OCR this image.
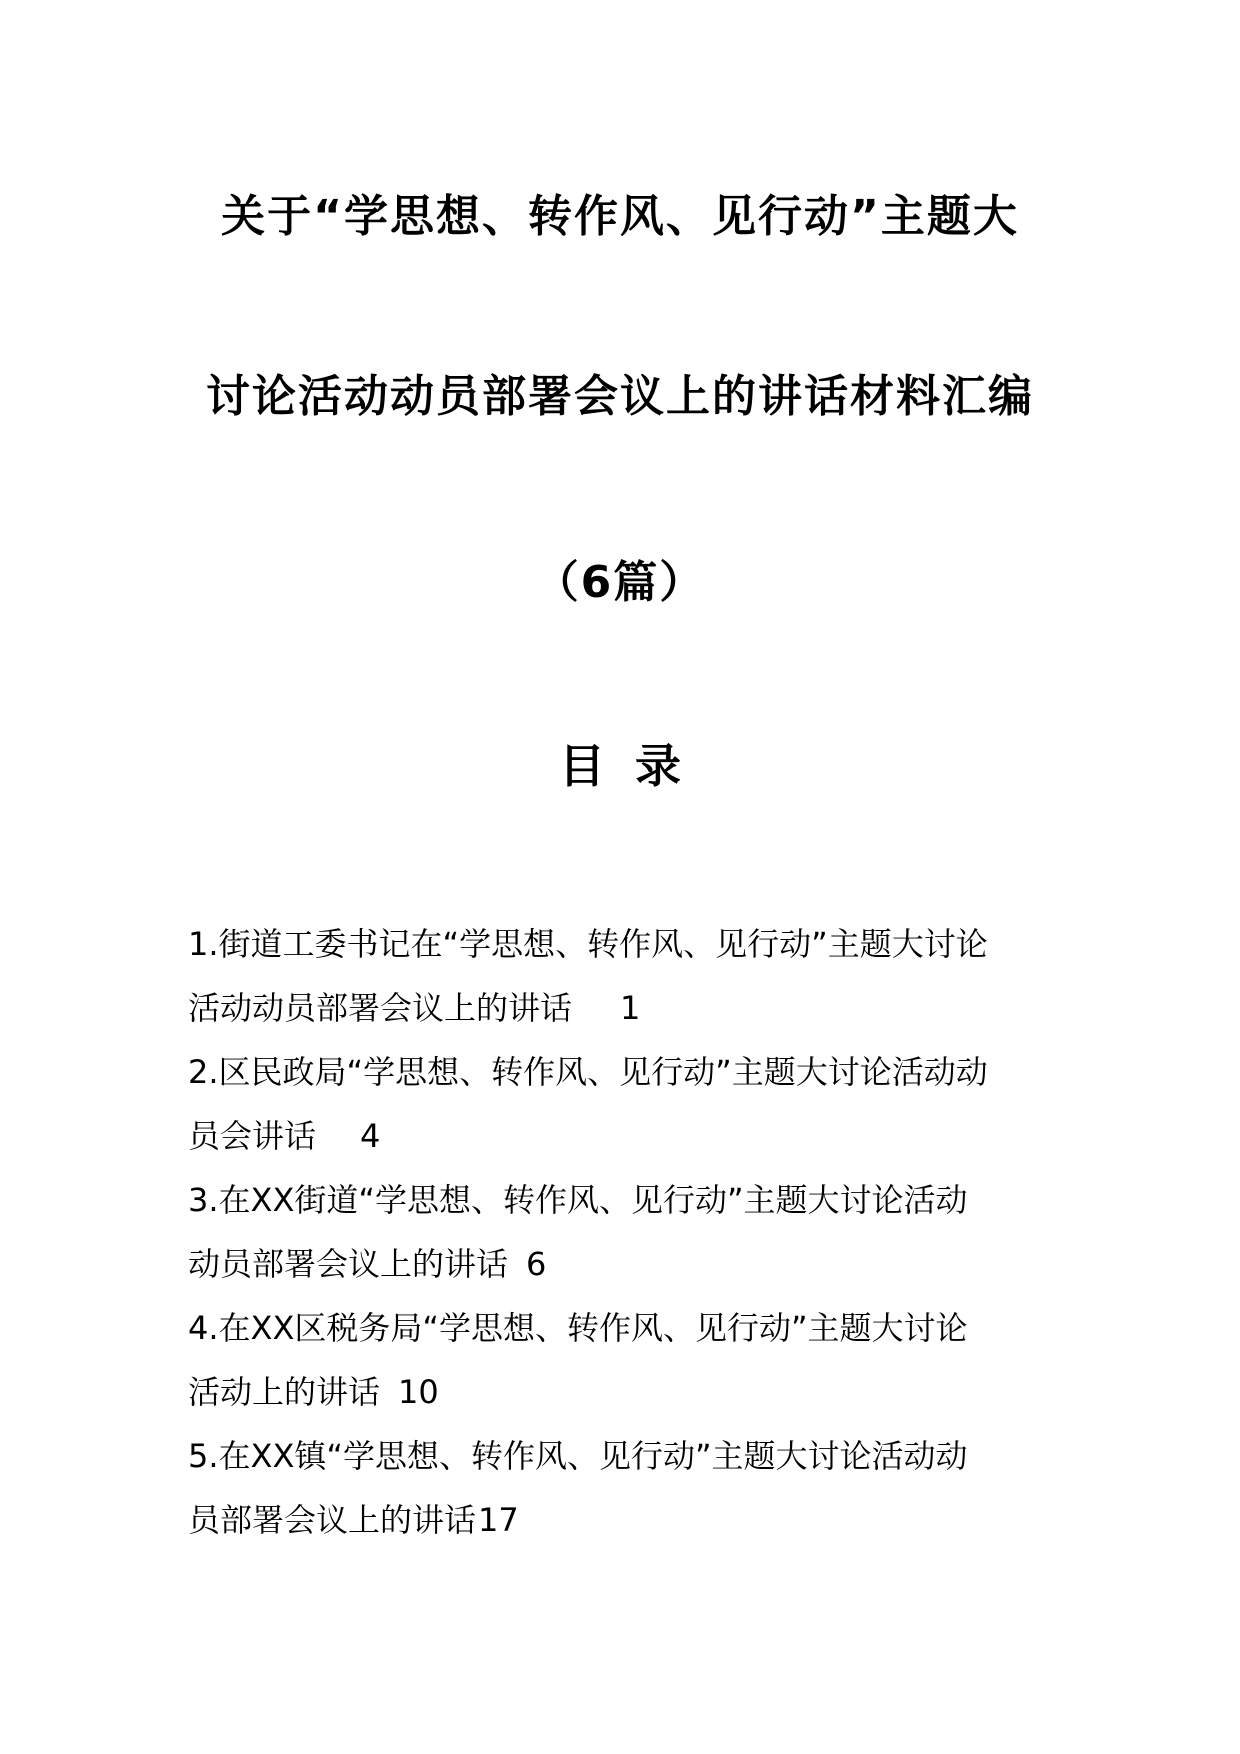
关于“学思想、转作风、见行动”主题大
讨论活动动员部署会议上的讲话材料汇编
（6篇）
目录
1.街道工委书记在“学思想、转作风、见行动”主题大讨论
活动动员部署会议上的讲话 1
2.区民政局“学思想、转作风、见行动”主题大讨论活动动
员会讲话 4
3.在XX街道“学思想、转作风、见行动”主题大讨论活动
动员部署会议上的讲话 6
4.在XX区税务局“学思想、转作风、见行动”主题大讨论
活动上的讲话 10
5.在XX镇“学思想、转作风、见行动”主题大讨论活动动
员部署会议上的讲话17
